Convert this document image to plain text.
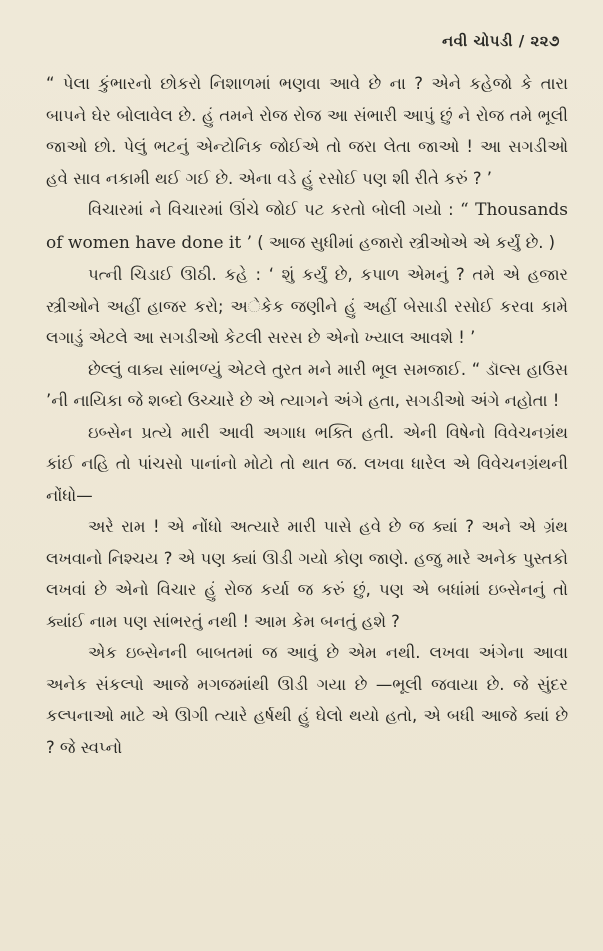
નવી ચોપડી / ૨૨૭

“ પેલા કુંભારનો છોકરો નિશાળમાં ભણવા આવે છે ના ? એને કહેજો કે તારા બાપને ઘેર બોલાવેલ છે. હું તમને રોજ રોજ આ સંભારી આપું છું ને રોજ તમે ભૂલી જાઓ છો. પેલું ભટનું એન્ટોનિક જોઈએ તો જરા લેતા જાઓ ! આ સગડીઓ હવે સાવ નકામી થઈ ગઈ છે. એના વડે હું રસોઈ પણ શી રીતે કરું ? ’

વિચારમાં ને વિચારમાં ઊંચે જોઈ પટ કરતો બોલી ગયો : “ Thousands of women have done it ’ ( આજ સુધીમાં હજારો સ્ત્રીઓએ એ કર્યું છે. )

પત્ની ચિડાઈ ઊઠી. કહે : ‘ શું કર્યું છે, કપાળ એમનું ? તમે એ હજાર સ્ત્રીઓને અહીં હાજર કરો; અેકેક જણીને હું અહીં બેસાડી રસોઈ કરવા કામે લગાડું એટલે આ સગડીઓ કેટલી સરસ છે એનો ખ્યાલ આવશે ! ’

છેલ્લું વાક્ય સાંભળ્યું એટલે તુરત મને મારી ભૂલ સમજાઈ. “ ડૉલ્સ હાઉસ ’ની નાયિકા જે શબ્દો ઉચ્ચારે છે એ ત્યાગને અંગે હતા, સગડીઓ અંગે નહોતા !

ઇબ્સેન પ્રત્યે મારી આવી અગાધ ભક્તિ હતી. એની વિષેનો વિવેચનગ્રંથ કાંઈ નહિ તો પાંચસો પાનાંનો મોટો તો થાત જ. લખવા ધારેલ એ વિવેચનગ્રંથની નોંધો—

અરે રામ ! એ નોંધો અત્યારે મારી પાસે હવે છે જ ક્યાં ? અને એ ગ્રંથ લખવાનો નિશ્ચય ? એ પણ ક્યાં ઊડી ગયો કોણ જાણે. હજુ મારે અનેક પુસ્તકો લખવાં છે એનો વિચાર હું રોજ કર્યા જ કરું છું, પણ એ બધાંમાં ઇબ્સેનનું તો ક્યાંઈ નામ પણ સાંભરતું નથી ! આમ કેમ બનતું હશે ?

એક ઇબ્સેનની બાબતમાં જ આવું છે એમ નથી. લખવા અંગેના આવા અનેક સંકલ્પો આજે મગજમાંથી ઊડી ગયા છે —ભૂલી જવાયા છે. જે સુંદર કલ્પનાઓ માટે એ ઊગી ત્યારે હર્ષથી હું ઘેલો થયો હતો, એ બધી આજે ક્યાં છે ? જે સ્વપ્નો
